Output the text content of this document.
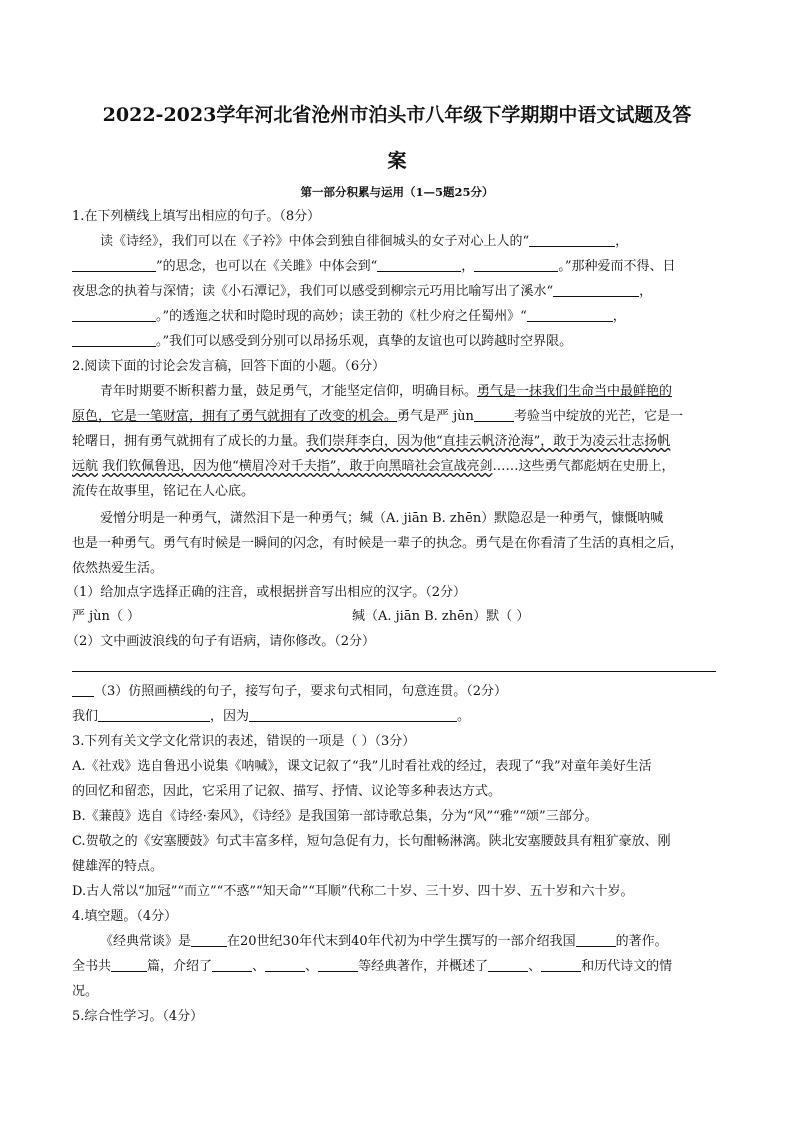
2022-2023学年河北省沧州市泊头市八年级下学期期中语文试题及答
案
第一部分积累与运用（1—5题25分）
1.在下列横线上填写出相应的句子。（8分）
读《诗经》，我们可以在《子衿》中体会到独自徘徊城头的女子对心上人的“	，
”的思念，也可以在《关雎》中体会到“	，	。”那种爱而不得、日
夜思念的执着与深情；读《小石潭记》，我们可以感受到柳宗元巧用比喻写出了溪水“	，
。”的透迤之状和时隐时现的高妙；读王勃的《杜少府之任蜀州》“	，
。”我们可以感受到分别可以昂扬乐观，真挚的友谊也可以跨越时空界限。
2.阅读下面的讨论会发言稿，回答下面的小题。（6分）
青年时期要不断积蓄力量，鼓足勇气，才能坚定信仰，明确目标。勇气是一抹我们生命当中最鲜艳的
原色，它是一笔财富，拥有了勇气就拥有了改变的机会。勇气是严 jùn	考验当中绽放的光芒，它是一
轮曙日，拥有勇气就拥有了成长的力量。我们崇拜李白，因为他“直挂云帆济沧海”，敢于为凌云壮志扬帆
远航 我们钦佩鲁迅，因为他“横眉冷对千夫指”，敢于向黑暗社会宣战亮剑……这些勇气都彪炳在史册上，
流传在故事里，铭记在人心底。
爱憎分明是一种勇气，潇然泪下是一种勇气；缄（A. jiān B. zhēn）默隐忍是一种勇气，慷慨呐喊
也是一种勇气。勇气有时候是一瞬间的闪念，有时候是一辈子的执念。勇气是在你看清了生活的真相之后，
依然热爱生活。
（1）给加点字选择正确的注音，或根据拼音写出相应的汉字。（2分）
严 jùn（ ）	缄（A. jiān B. zhēn）默（ ）
（2）文中画波浪线的句子有语病，请你修改。（2分）
（3）仿照画横线的句子，接写句子，要求句式相同，句意连贯。（2分）
我们	，因为	。
3.下列有关文学文化常识的表述，错误的一项是（ ）（3分）
A.《社戏》选自鲁迅小说集《呐喊》，课文记叙了“我”儿时看社戏的经过，表现了“我”对童年美好生活
的回忆和留恋，因此，它采用了记叙、描写、抒情、议论等多种表达方式。
B.《蒹葭》选自《诗经·秦风》，《诗经》是我国第一部诗歌总集，分为“风”“雅”“颂”三部分。
C.贺敬之的《安塞腰鼓》句式丰富多样，短句急促有力，长句酣畅淋漓。陕北安塞腰鼓具有粗犷豪放、刚
健雄浑的特点。
D.古人常以“加冠”“而立”“不惑”“知天命”“耳顺”代称二十岁、三十岁、四十岁、五十岁和六十岁。
4.填空题。（4分）
《经典常谈》是	在20世纪30年代末到40年代初为中学生撰写的一部介绍我国	的著作。
全书共	篇，介绍了	、	、	等经典著作，并概述了	、	和历代诗文的情
况。
5.综合性学习。（4分）
